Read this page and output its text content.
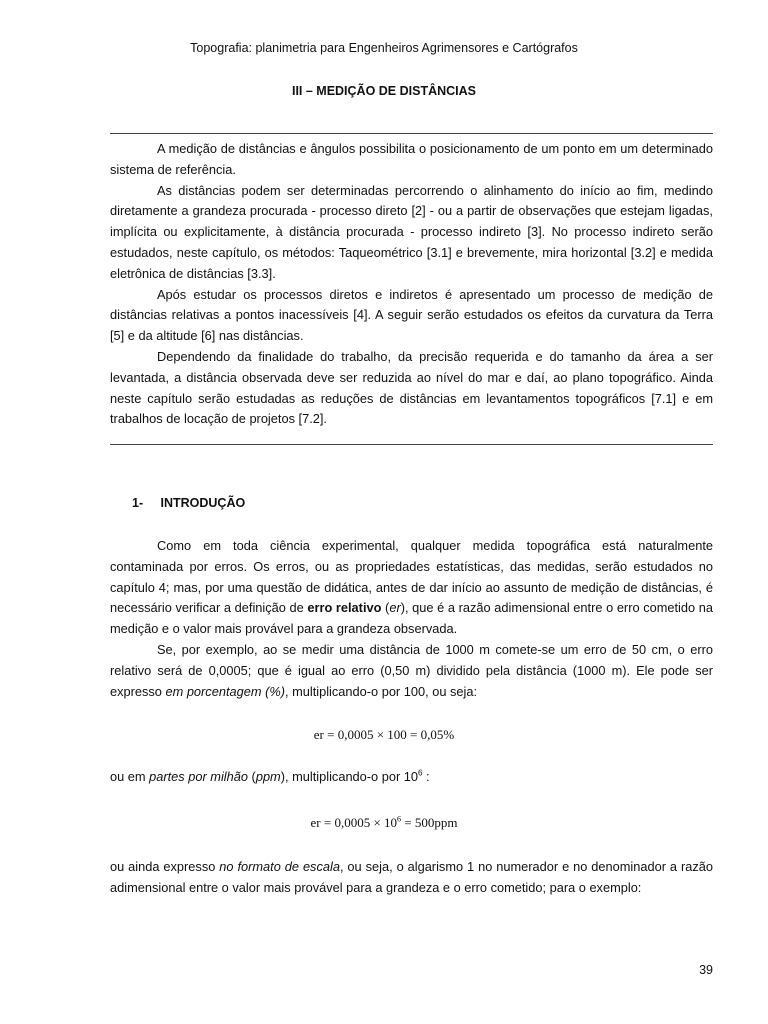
Topografia: planimetria para Engenheiros Agrimensores e Cartógrafos
III – MEDIÇÃO DE DISTÂNCIAS

A medição de distâncias e ângulos possibilita o posicionamento de um ponto em um determinado sistema de referência.

As distâncias podem ser determinadas percorrendo o alinhamento do início ao fim, medindo diretamente a grandeza procurada - processo direto [2] - ou a partir de observações que estejam ligadas, implícita ou explicitamente, à distância procurada - processo indireto [3]. No processo indireto serão estudados, neste capítulo, os métodos: Taqueométrico [3.1] e brevemente, mira horizontal [3.2] e medida eletrônica de distâncias [3.3].

Após estudar os processos diretos e indiretos é apresentado um processo de medição de distâncias relativas a pontos inacessíveis [4]. A seguir serão estudados os efeitos da curvatura da Terra [5] e da altitude [6] nas distâncias.

Dependendo da finalidade do trabalho, da precisão requerida e do tamanho da área a ser levantada, a distância observada deve ser reduzida ao nível do mar e daí, ao plano topográfico. Ainda neste capítulo serão estudadas as reduções de distâncias em levantamentos topográficos [7.1] e em trabalhos de locação de projetos [7.2].

1- INTRODUÇÃO

Como em toda ciência experimental, qualquer medida topográfica está naturalmente contaminada por erros. Os erros, ou as propriedades estatísticas, das medidas, serão estudados no capítulo 4; mas, por uma questão de didática, antes de dar início ao assunto de medição de distâncias, é necessário verificar a definição de erro relativo (er), que é a razão adimensional entre o erro cometido na medição e o valor mais provável para a grandeza observada.

Se, por exemplo, ao se medir uma distância de 1000 m comete-se um erro de 50 cm, o erro relativo será de 0,0005; que é igual ao erro (0,50 m) dividido pela distância (1000 m). Ele pode ser expresso em porcentagem (%), multiplicando-o por 100, ou seja:

er = 0,0005 × 100 = 0,05%
ou em partes por milhão (ppm), multiplicando-o por $10^6$ :
er = $0,0005 \times 10^6 = 500ppm$

ou ainda expresso no formato de escala, ou seja, o algarismo 1 no numerador e no denominador a razão adimensional entre o valor mais provável para a grandeza e o erro cometido; para o exemplo:

39
